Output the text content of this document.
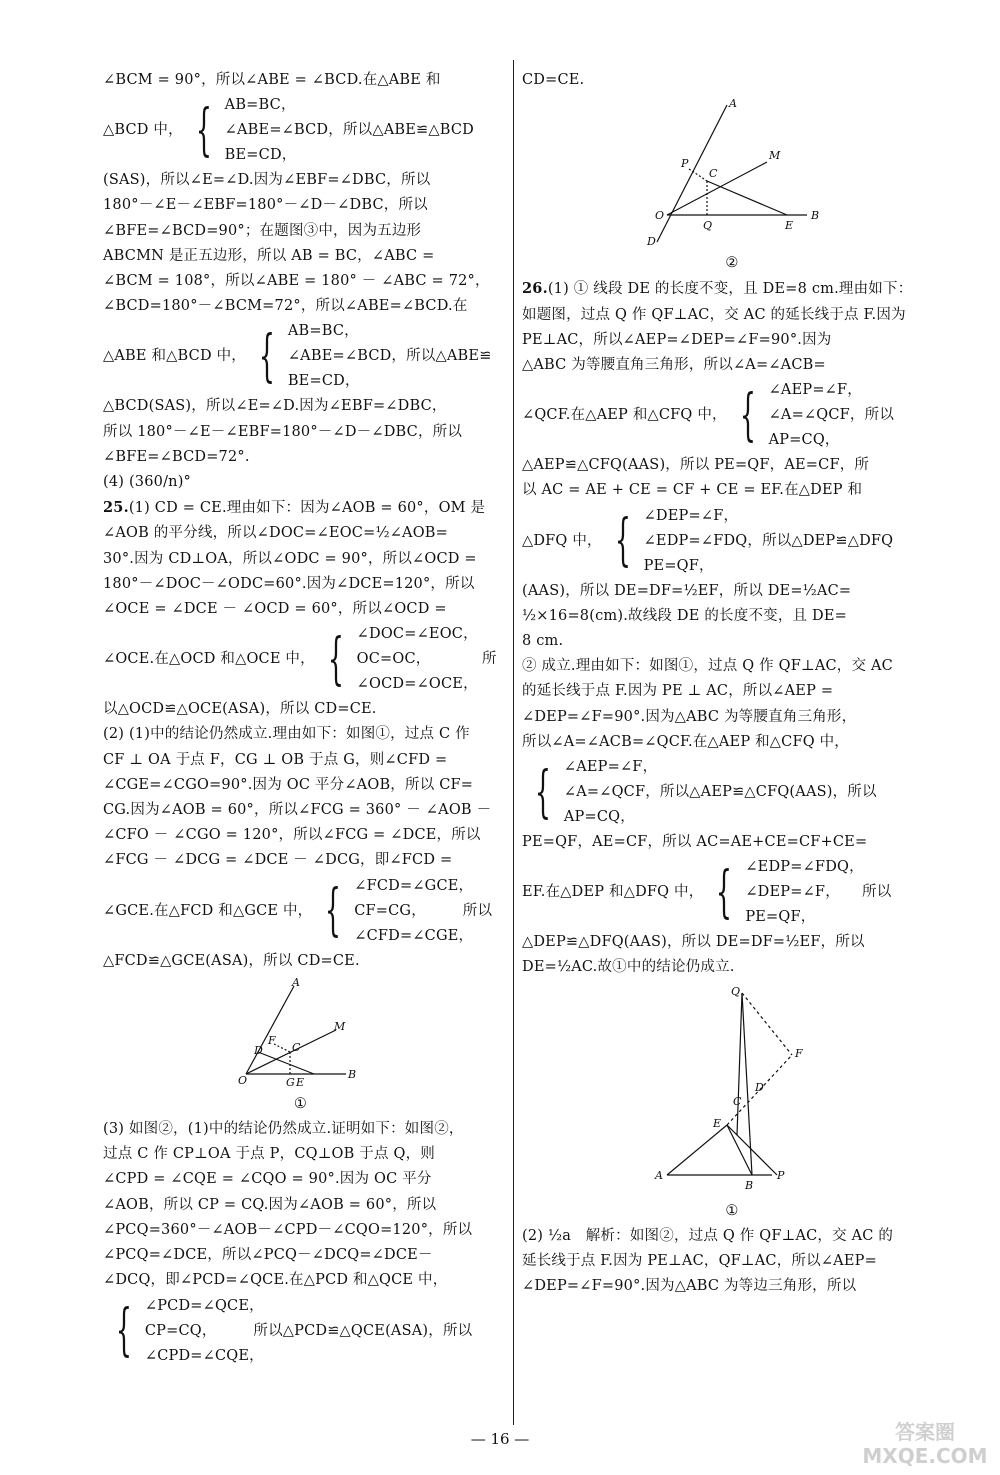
∠BCM = 90°，所以∠ABE = ∠BCD.在△ABE 和

△BCD 中， { AB=BC，
∠ABE=∠BCD，所以△ABE≌△BCD
BE=CD，

(SAS)，所以∠E=∠D.因为∠EBF=∠DBC，所以

180°－∠E－∠EBF=180°－∠D－∠DBC，所以

∠BFE=∠BCD=90°；在题图③中，因为五边形

ABCMN 是正五边形，所以 AB = BC，∠ABC =

∠BCM = 108°，所以∠ABE = 180° － ∠ABC = 72°，

∠BCD=180°－∠BCM=72°，所以∠ABE=∠BCD.在

△ABE 和△BCD 中， { AB=BC，
∠ABE=∠BCD，所以△ABE≌
BE=CD，

△BCD(SAS)，所以∠E=∠D.因为∠EBF=∠DBC，

所以 180°－∠E－∠EBF=180°－∠D－∠DBC，所以

∠BFE=∠BCD=72°.

(4) (360/n)°

25.(1) CD = CE.理由如下：因为∠AOB = 60°，OM 是

∠AOB 的平分线，所以∠DOC=∠EOC=½∠AOB=

30°.因为 CD⊥OA，所以∠ODC = 90°，所以∠OCD =

180°－∠DOC－∠ODC=60°.因为∠DCE=120°，所以

∠OCE = ∠DCE － ∠OCD = 60°，所以∠OCD =

∠OCE.在△OCD 和△OCE 中， { ∠DOC=∠EOC，
OC=OC，　　　　所
∠OCD=∠OCE，

以△OCD≌△OCE(ASA)，所以 CD=CE.

(2) (1)中的结论仍然成立.理由如下：如图①，过点 C 作

CF ⊥ OA 于点 F，CG ⊥ OB 于点 G，则∠CFD =

∠CGE=∠CGO=90°.因为 OC 平分∠AOB，所以 CF=

CG.因为∠AOB = 60°，所以∠FCG = 360° － ∠AOB －

∠CFO － ∠CGO = 120°，所以∠FCG = ∠DCE，所以

∠FCG － ∠DCG = ∠DCE － ∠DCG，即∠FCD =

∠GCE.在△FCD 和△GCE 中， { ∠FCD=∠GCE，
CF=CG，　　　所以
∠CFD=∠CGE，

△FCD≌△GCE(ASA)，所以 CD=CE.

A
M
F
D	C
O	G E
B

①

(3) 如图②，(1)中的结论仍然成立.证明如下：如图②，

过点 C 作 CP⊥OA 于点 P，CQ⊥OB 于点 Q，则

∠CPD = ∠CQE = ∠CQO = 90°.因为 OC 平分

∠AOB，所以 CP = CQ.因为∠AOB = 60°，所以

∠PCQ=360°－∠AOB－∠CPD－∠CQO=120°，所以

∠PCQ=∠DCE，所以∠PCQ－∠DCQ=∠DCE－

∠DCQ，即∠PCD=∠QCE.在△PCD 和△QCE 中，

{ ∠PCD=∠QCE，
CP=CQ，　　　所以△PCD≌△QCE(ASA)，所以
∠CPD=∠CQE，

CD=CE.

A
M
P
C
O
Q	E
B
D

②

26.(1) ① 线段 DE 的长度不变，且 DE=8 cm.理由如下：

如题图，过点 Q 作 QF⊥AC，交 AC 的延长线于点 F.因为

PE⊥AC，所以∠AEP=∠DEP=∠F=90°.因为

△ABC 为等腰直角三角形，所以∠A=∠ACB=

∠QCF.在△AEP 和△CFQ 中， { ∠AEP=∠F，
∠A=∠QCF，所以
AP=CQ，

△AEP≌△CFQ(AAS)，所以 PE=QF，AE=CF，所

以 AC = AE + CE = CF + CE = EF.在△DEP 和

△DFQ 中， { ∠DEP=∠F，
∠EDP=∠FDQ，所以△DEP≌△DFQ
PE=QF，

(AAS)，所以 DE=DF=½EF，所以 DE=½AC=

½×16=8(cm).故线段 DE 的长度不变，且 DE=

8 cm.

② 成立.理由如下：如图①，过点 Q 作 QF⊥AC，交 AC

的延长线于点 F.因为 PE ⊥ AC，所以∠AEP =

∠DEP=∠F=90°.因为△ABC 为等腰直角三角形，

所以∠A=∠ACB=∠QCF.在△AEP 和△CFQ 中，

{ ∠AEP=∠F，
∠A=∠QCF，所以△AEP≌△CFQ(AAS)，所以
AP=CQ，

PE=QF，AE=CF，所以 AC=AE+CE=CF+CE=

EF.在△DEP 和△DFQ 中， { ∠EDP=∠FDQ，
∠DEP=∠F，　　所以
PE=QF，

△DEP≌△DFQ(AAS)，所以 DE=DF=½EF，所以

DE=½AC.故①中的结论仍成立.

Q
F
D
C
E
A
B
P

①

(2) ½a　解析：如图②，过点 Q 作 QF⊥AC，交 AC 的

延长线于点 F.因为 PE⊥AC，QF⊥AC，所以∠AEP=

∠DEP=∠F=90°.因为△ABC 为等边三角形，所以

— 16 —	答案圈
MXQE.COM
